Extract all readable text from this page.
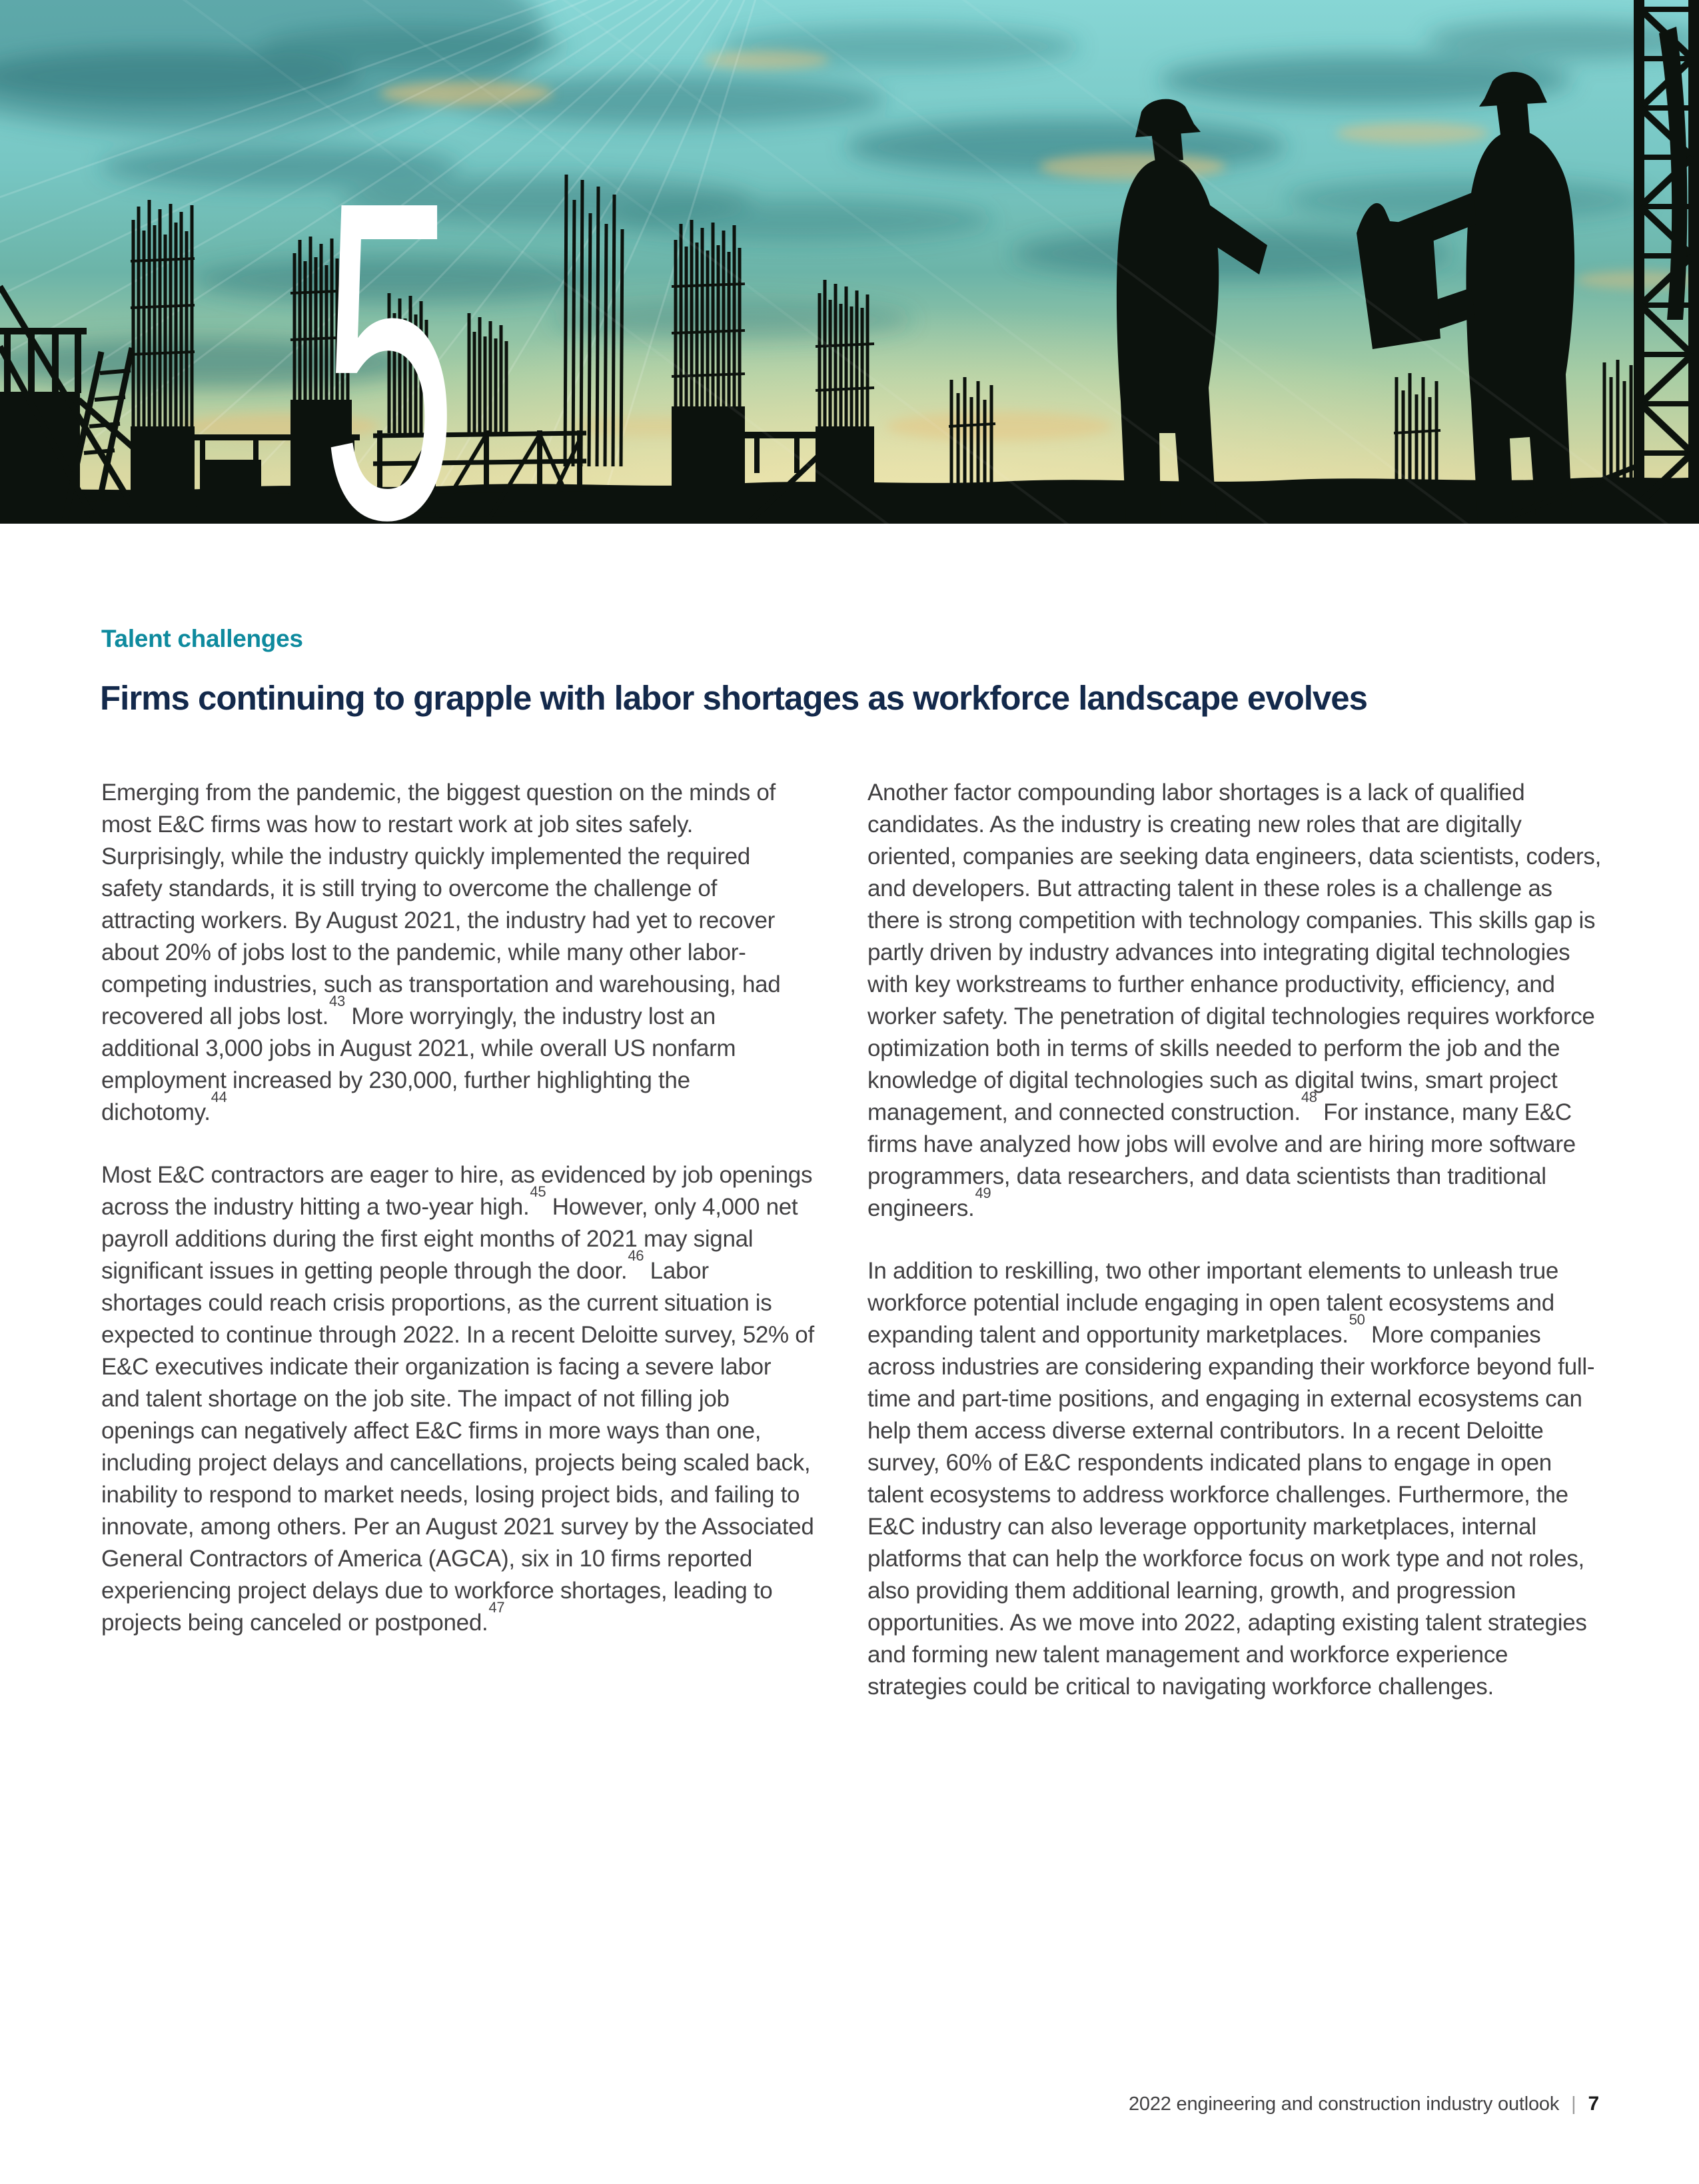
5
Talent challenges
Firms continuing to grapple with labor shortages as workforce landscape evolves

Emerging from the pandemic, the biggest question on the minds of most E&C firms was how to restart work at job sites safely. Surprisingly, while the industry quickly implemented the required safety standards, it is still trying to overcome the challenge of attracting workers. By August 2021, the industry had yet to recover about 20% of jobs lost to the pandemic, while many other labor-competing industries, such as transportation and warehousing, had recovered all jobs lost.$^{43}$ More worryingly, the industry lost an additional 3,000 jobs in August 2021, while overall US nonfarm employment increased by 230,000, further highlighting the dichotomy.$^{44}$

Most E&C contractors are eager to hire, as evidenced by job openings across the industry hitting a two-year high.$^{45}$ However, only 4,000 net payroll additions during the first eight months of 2021 may signal significant issues in getting people through the door.$^{46}$ Labor shortages could reach crisis proportions, as the current situation is expected to continue through 2022. In a recent Deloitte survey, 52% of E&C executives indicate their organization is facing a severe labor and talent shortage on the job site. The impact of not filling job openings can negatively affect E&C firms in more ways than one, including project delays and cancellations, projects being scaled back, inability to respond to market needs, losing project bids, and failing to innovate, among others. Per an August 2021 survey by the Associated General Contractors of America (AGCA), six in 10 firms reported experiencing project delays due to workforce shortages, leading to projects being canceled or postponed.$^{47}$

Another factor compounding labor shortages is a lack of qualified candidates. As the industry is creating new roles that are digitally oriented, companies are seeking data engineers, data scientists, coders, and developers. But attracting talent in these roles is a challenge as there is strong competition with technology companies. This skills gap is partly driven by industry advances into integrating digital technologies with key workstreams to further enhance productivity, efficiency, and worker safety. The penetration of digital technologies requires workforce optimization both in terms of skills needed to perform the job and the knowledge of digital technologies such as digital twins, smart project management, and connected construction.$^{48}$ For instance, many E&C firms have analyzed how jobs will evolve and are hiring more software programmers, data researchers, and data scientists than traditional engineers.$^{49}$

In addition to reskilling, two other important elements to unleash true workforce potential include engaging in open talent ecosystems and expanding talent and opportunity marketplaces.$^{50}$ More companies across industries are considering expanding their workforce beyond full-time and part-time positions, and engaging in external ecosystems can help them access diverse external contributors. In a recent Deloitte survey, 60% of E&C respondents indicated plans to engage in open talent ecosystems to address workforce challenges. Furthermore, the E&C industry can also leverage opportunity marketplaces, internal platforms that can help the workforce focus on work type and not roles, also providing them additional learning, growth, and progression opportunities. As we move into 2022, adapting existing talent strategies and forming new talent management and workforce experience strategies could be critical to navigating workforce challenges.

2022 engineering and construction industry outlook | 7
